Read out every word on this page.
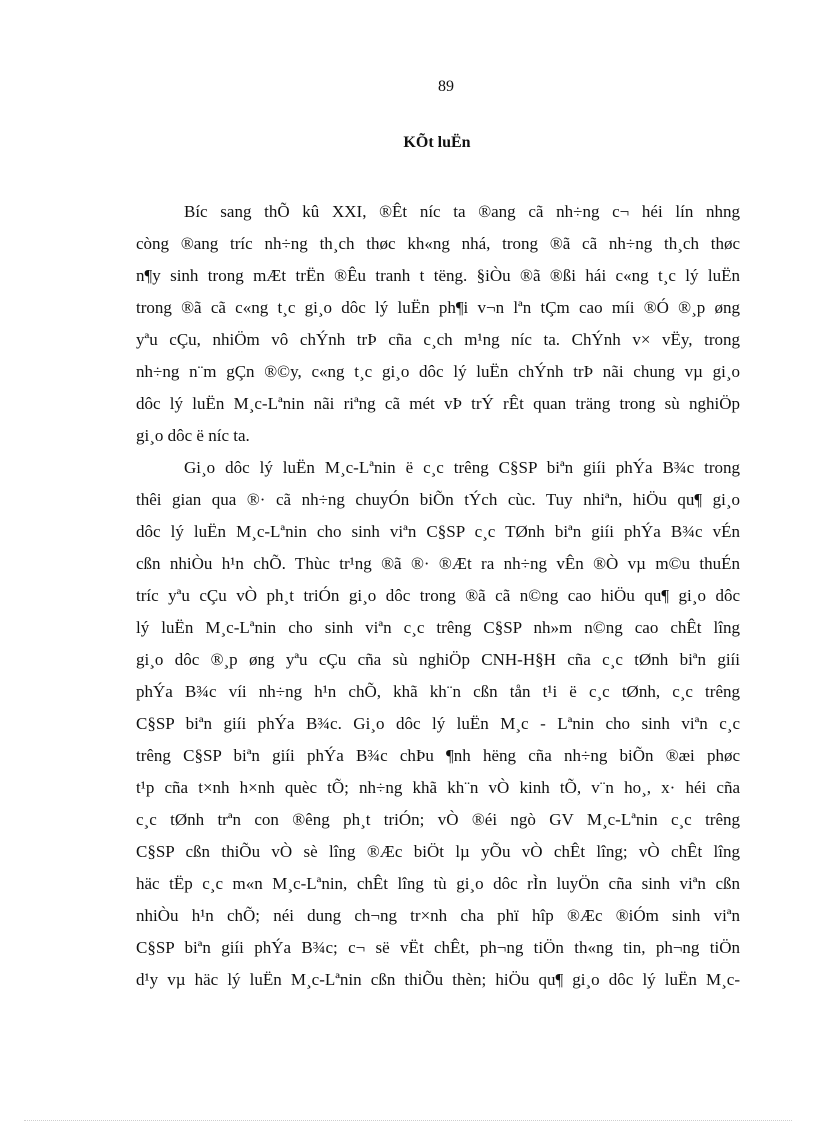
89
KÕt luËn
Bíc sang thÕ kû XXI, ®Êt níc ta ®ang cã nh÷ng c¬ héi lín nhng
còng ®ang tríc nh÷ng th¸ch thøc kh«ng nhá, trong ®ã cã nh÷ng th¸ch thøc
n¶y sinh trong mÆt trËn ®Êu tranh t tëng. §iÒu ®ã ®ßi hái c«ng t¸c lý luËn
trong ®ã cã c«ng t¸c gi¸o dôc lý luËn ph¶i v¬n lªn tÇm cao míi ®Ó ®¸p øng
yªu cÇu, nhiÖm vô chÝnh trÞ cña c¸ch m¹ng níc ta. ChÝnh v× vËy, trong
nh÷ng n¨m gÇn ®©y, c«ng t¸c gi¸o dôc lý luËn chÝnh trÞ nãi chung vµ gi¸o
dôc lý luËn M¸c-Lªnin nãi riªng cã mét vÞ trÝ rÊt quan träng trong sù nghiÖp
gi¸o dôc ë níc ta.
Gi¸o dôc lý luËn M¸c-Lªnin ë c¸c trêng C§SP biªn giíi phÝa B¾c trong
thêi gian qua ®· cã nh÷ng chuyÓn biÕn tÝch cùc. Tuy nhiªn, hiÖu qu¶ gi¸o
dôc lý luËn M¸c-Lªnin cho sinh viªn C§SP c¸c TØnh biªn giíi phÝa B¾c vÉn
cßn nhiÒu h¹n chÕ. Thùc tr¹ng ®ã ®· ®Æt ra nh÷ng vÊn ®Ò vµ m©u thuÉn
tríc yªu cÇu vÒ ph¸t triÓn gi¸o dôc trong ®ã cã n©ng cao hiÖu qu¶ gi¸o dôc
lý luËn M¸c-Lªnin cho sinh viªn c¸c trêng C§SP nh»m n©ng cao chÊt lîng
gi¸o dôc ®¸p øng yªu cÇu cña sù nghiÖp CNH-H§H cña c¸c tØnh biªn giíi
phÝa B¾c víi nh÷ng h¹n chÕ, khã kh¨n cßn tån t¹i ë c¸c tØnh, c¸c trêng
C§SP biªn giíi phÝa B¾c. Gi¸o dôc lý luËn M¸c - Lªnin cho sinh viªn c¸c
trêng C§SP biªn giíi phÝa B¾c chÞu ¶nh hëng cña nh÷ng biÕn ®æi phøc
t¹p cña t×nh h×nh quèc tÕ; nh÷ng khã kh¨n vÒ kinh tÕ, v¨n ho¸, x· héi cña
c¸c tØnh trªn con ®êng ph¸t triÓn; vÒ ®éi ngò GV M¸c-Lªnin c¸c trêng
C§SP cßn thiÕu vÒ sè lîng ®Æc biÖt lµ yÕu vÒ chÊt lîng; vÒ chÊt lîng
häc tËp c¸c m«n M¸c-Lªnin, chÊt lîng tù gi¸o dôc rÌn luyÖn cña sinh viªn cßn
nhiÒu h¹n chÕ; néi dung ch¬ng tr×nh cha phï hîp ®Æc ®iÓm sinh viªn
C§SP biªn giíi phÝa B¾c; c¬ së vËt chÊt, ph¬ng tiÖn th«ng tin, ph¬ng tiÖn
d¹y vµ häc lý luËn M¸c-Lªnin cßn thiÕu thèn; hiÖu qu¶ gi¸o dôc lý luËn M¸c-
